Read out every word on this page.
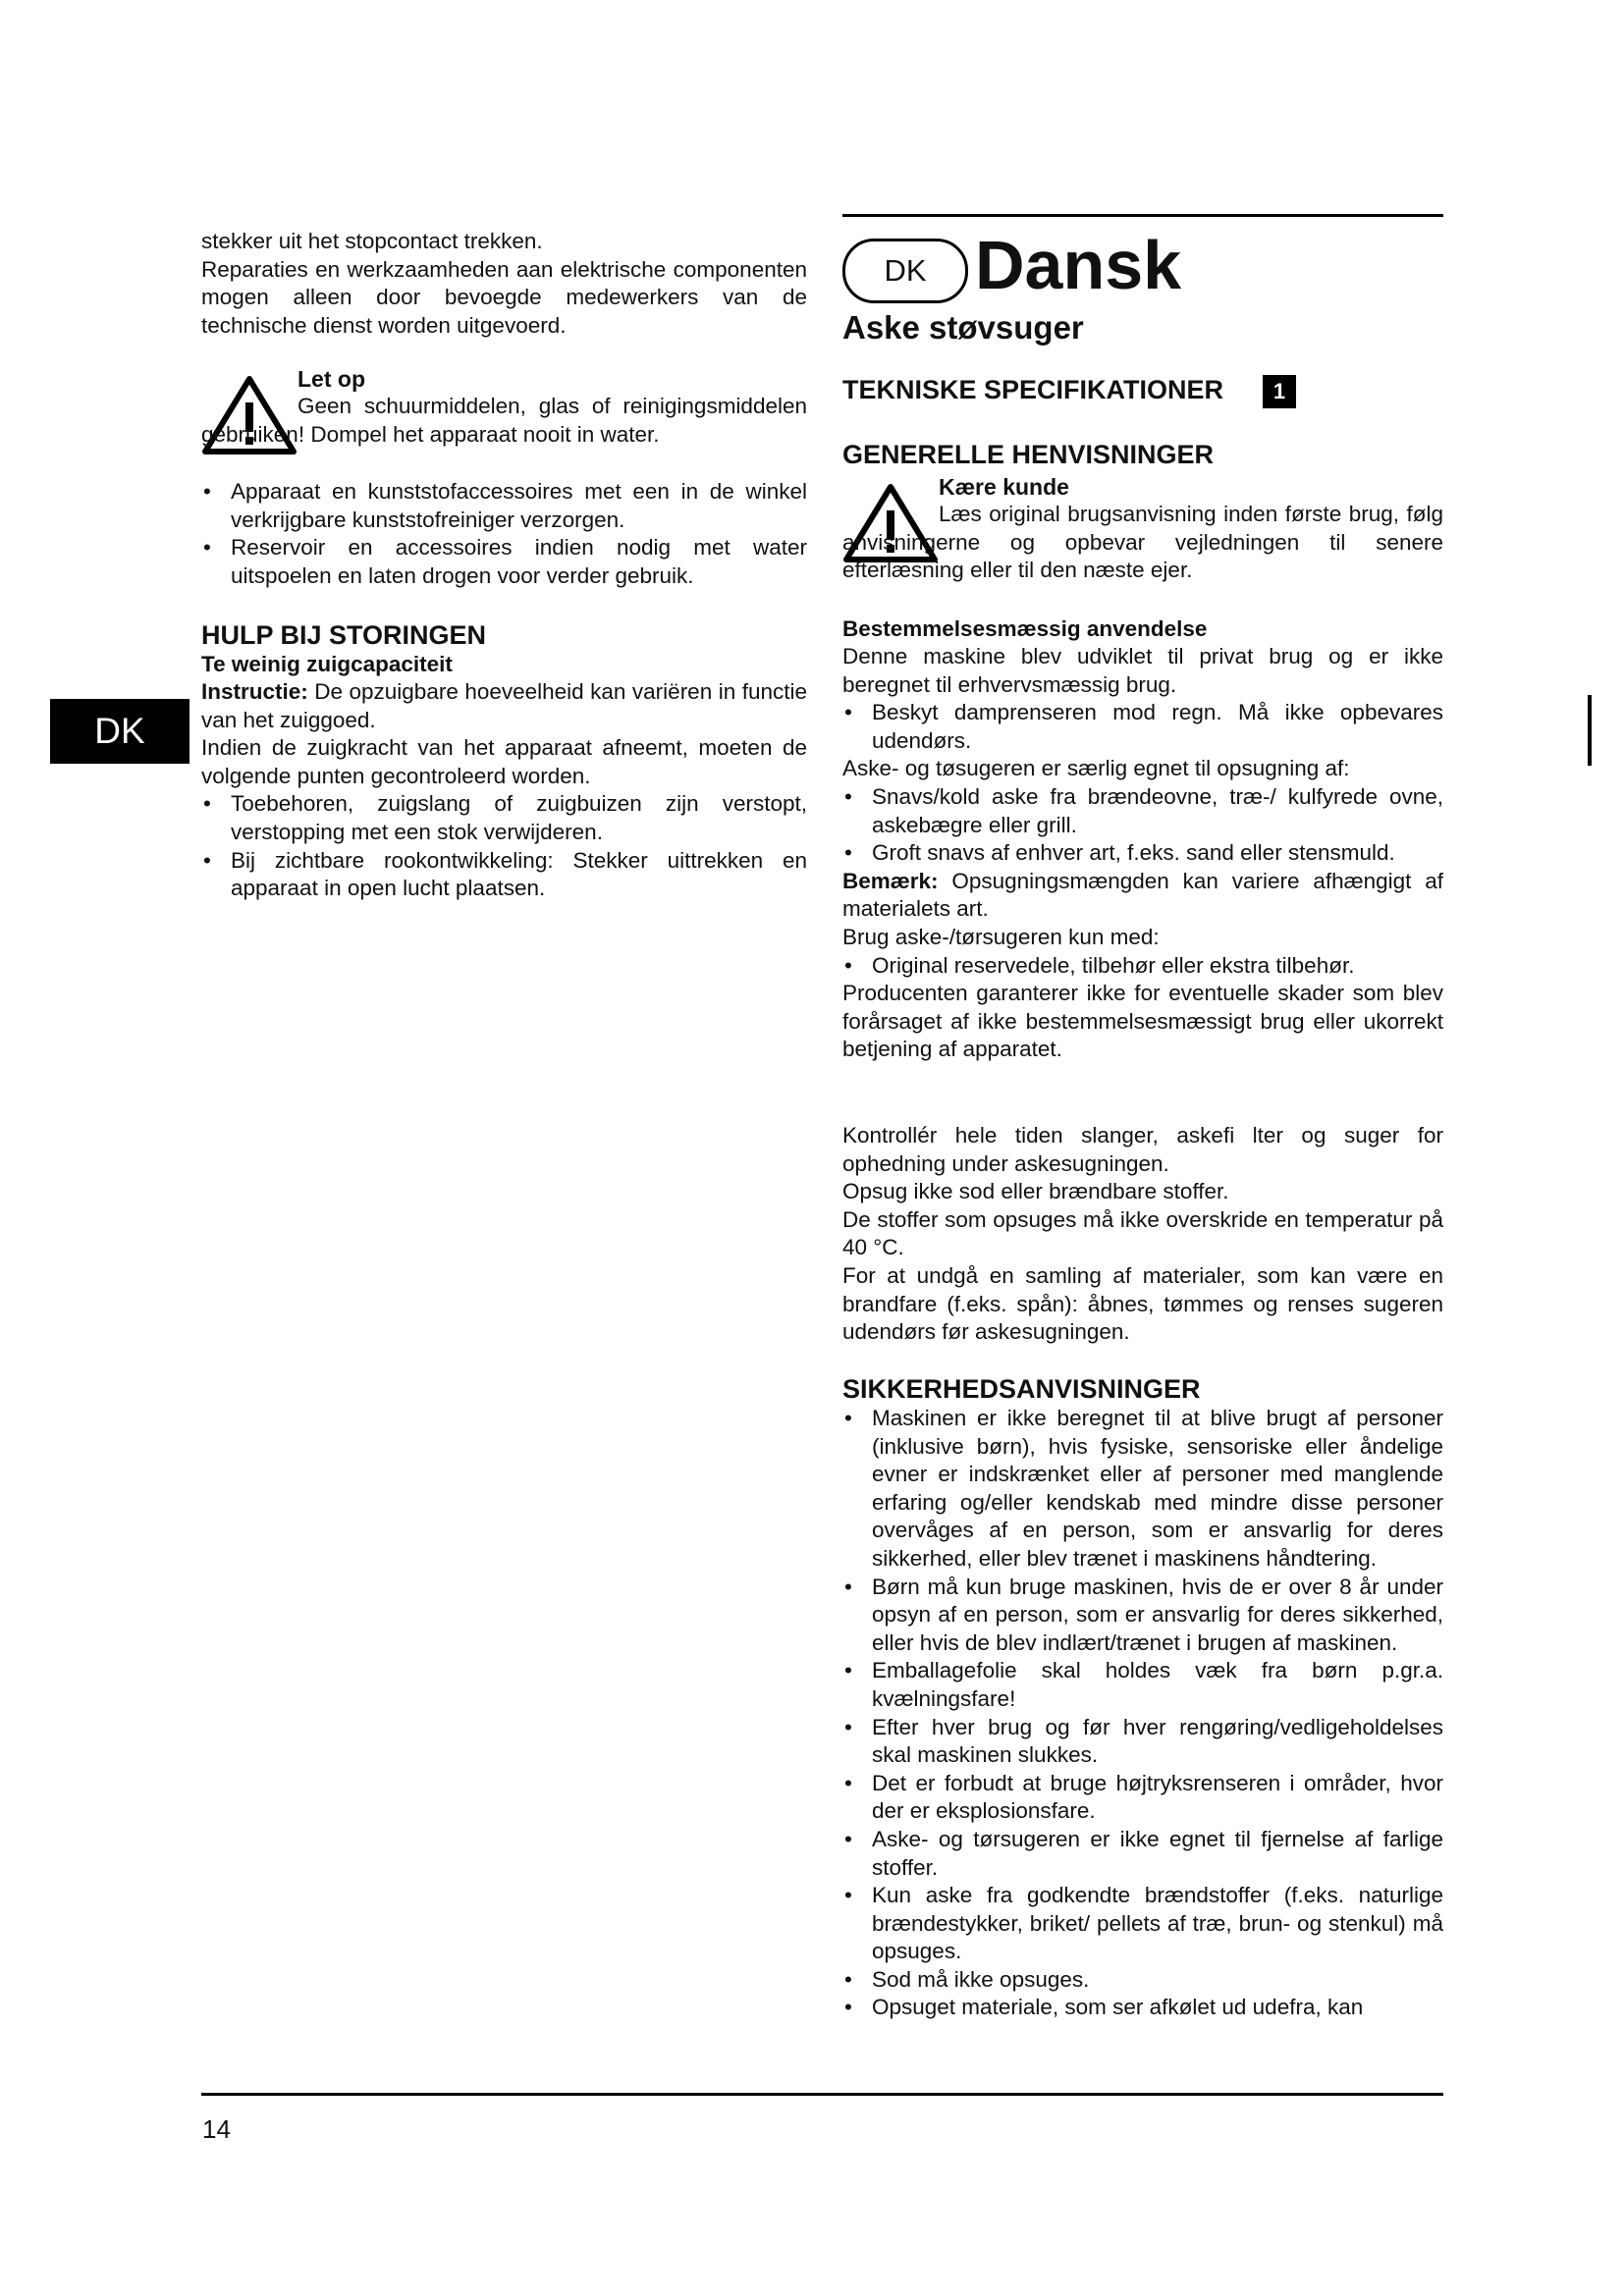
DK

stekker uit het stopcontact trekken.

Reparaties en werkzaamheden aan elektrische componenten mogen alleen door bevoegde medewerkers van de technische dienst worden uitgevoerd.

Let op

Geen schuurmiddelen, glas of reinigingsmiddelen gebruiken! Dompel het apparaat nooit in water.

• Apparaat en kunststofaccessoires met een in de winkel verkrijgbare kunststofreiniger verzorgen.
• Reservoir en accessoires indien nodig met water uitspoelen en laten drogen voor verder gebruik.
HULP BIJ STORINGEN
Te weinig zuigcapaciteit

Instructie: De opzuigbare hoeveelheid kan variëren in functie van het zuiggoed.

Indien de zuigkracht van het apparaat afneemt, moeten de volgende punten gecontroleerd worden.

• Toebehoren, zuigslang of zuigbuizen zijn verstopt, verstopping met een stok verwijderen.
• Bij zichtbare rookontwikkeling: Stekker uittrekken en apparaat in open lucht plaatsen.
DK Dansk
Aske støvsuger
TEKNISKE SPECIFIKATIONER 1
GENERELLE HENVISNINGER
Kære kunde

Læs original brugsanvisning inden første brug, følg anvisningerne og opbevar vejledningen til senere efterlæsning eller til den næste ejer.

Bestemmelsesmæssig anvendelse

Denne maskine blev udviklet til privat brug og er ikke beregnet til erhvervsmæssig brug.

• Beskyt damprenseren mod regn. Må ikke opbevares udendørs.

Aske- og tøsugeren er særlig egnet til opsugning af:

• Snavs/kold aske fra brændeovne, træ-/ kulfyrede ovne, askebægre eller grill.
• Groft snavs af enhver art, f.eks. sand eller stensmuld.

Bemærk: Opsugningsmængden kan variere afhængigt af materialets art.

Brug aske-/tørsugeren kun med:

• Original reservedele, tilbehør eller ekstra tilbehør.

Producenten garanterer ikke for eventuelle skader som blev forårsaget af ikke bestemmelsesmæssigt brug eller ukorrekt betjening af apparatet.

Kontrollér hele tiden slanger, askefi lter og suger for ophedning under askesugningen.

Opsug ikke sod eller brændbare stoffer.

De stoffer som opsuges må ikke overskride en temperatur på 40 °C.

For at undgå en samling af materialer, som kan være en brandfare (f.eks. spån): åbnes, tømmes og renses sugeren udendørs før askesugningen.

SIKKERHEDSANVISNINGER
• Maskinen er ikke beregnet til at blive brugt af personer (inklusive børn), hvis fysiske, sensoriske eller åndelige evner er indskrænket eller af personer med manglende erfaring og/eller kendskab med mindre disse personer overvåges af en person, som er ansvarlig for deres sikkerhed, eller blev trænet i maskinens håndtering.
• Børn må kun bruge maskinen, hvis de er over 8 år under opsyn af en person, som er ansvarlig for deres sikkerhed, eller hvis de blev indlært/trænet i brugen af maskinen.
• Emballagefolie skal holdes væk fra børn p.gr.a. kvælningsfare!
• Efter hver brug og før hver rengøring/vedligeholdelses skal maskinen slukkes.
• Det er forbudt at bruge højtryksrenseren i områder, hvor der er eksplosionsfare.
• Aske- og tørsugeren er ikke egnet til fjernelse af farlige stoffer.
• Kun aske fra godkendte brændstoffer (f.eks. naturlige brændestykker, briket/ pellets af træ, brun- og stenkul) må opsuges.
• Sod må ikke opsuges.
• Opsuget materiale, som ser afkølet ud udefra, kan
14
